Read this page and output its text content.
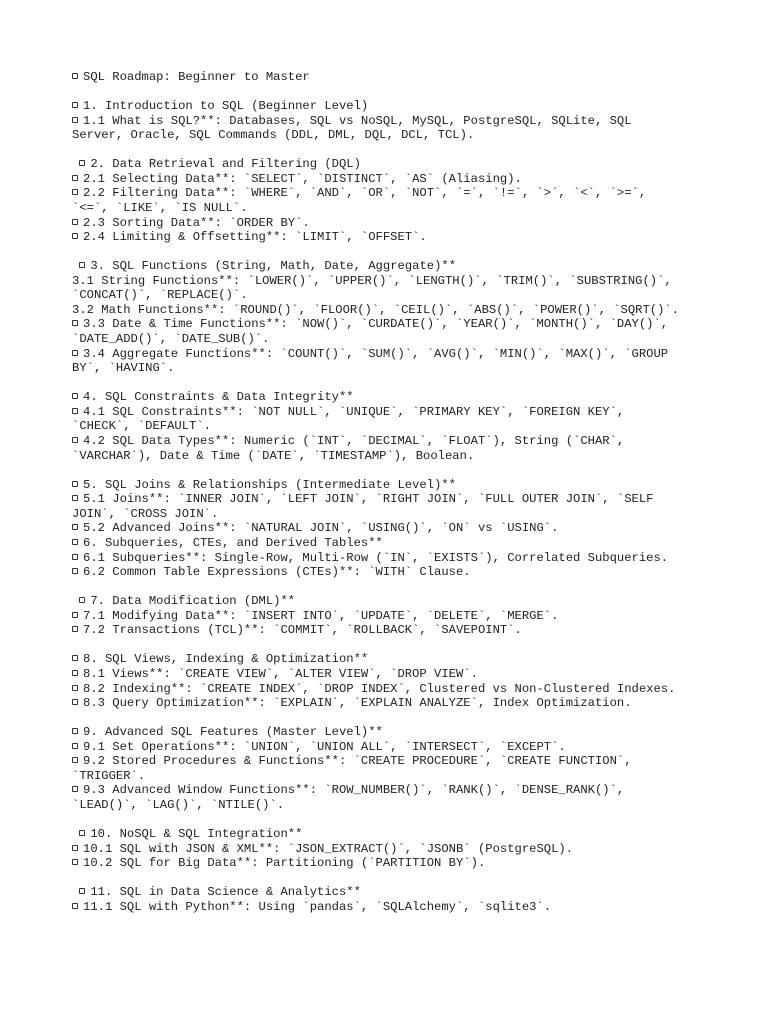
SQL Roadmap: Beginner to Master
1. Introduction to SQL (Beginner Level)
1.1 What is SQL?**: Databases, SQL vs NoSQL, MySQL, PostgreSQL, SQLite, SQL
Server, Oracle, SQL Commands (DDL, DML, DQL, DCL, TCL).
2. Data Retrieval and Filtering (DQL)
2.1 Selecting Data**: `SELECT`, `DISTINCT`, `AS` (Aliasing).
2.2 Filtering Data**: `WHERE`, `AND`, `OR`, `NOT`, `=`, `!=`, `>`, `<`, `>=`,
`<=`, `LIKE`, `IS NULL`.
2.3 Sorting Data**: `ORDER BY`.
2.4 Limiting & Offsetting**: `LIMIT`, `OFFSET`.
3. SQL Functions (String, Math, Date, Aggregate)**
3.1 String Functions**: `LOWER()`, `UPPER()`, `LENGTH()`, `TRIM()`, `SUBSTRING()`,
`CONCAT()`, `REPLACE()`.
3.2 Math Functions**: `ROUND()`, `FLOOR()`, `CEIL()`, `ABS()`, `POWER()`, `SQRT()`.
3.3 Date & Time Functions**: `NOW()`, `CURDATE()`, `YEAR()`, `MONTH()`, `DAY()`,
`DATE_ADD()`, `DATE_SUB()`.
3.4 Aggregate Functions**: `COUNT()`, `SUM()`, `AVG()`, `MIN()`, `MAX()`, `GROUP
BY`, `HAVING`.
4. SQL Constraints & Data Integrity**
4.1 SQL Constraints**: `NOT NULL`, `UNIQUE`, `PRIMARY KEY`, `FOREIGN KEY`,
`CHECK`, `DEFAULT`.
4.2 SQL Data Types**: Numeric (`INT`, `DECIMAL`, `FLOAT`), String (`CHAR`,
`VARCHAR`), Date & Time (`DATE`, `TIMESTAMP`), Boolean.
5. SQL Joins & Relationships (Intermediate Level)**
5.1 Joins**: `INNER JOIN`, `LEFT JOIN`, `RIGHT JOIN`, `FULL OUTER JOIN`, `SELF
JOIN`, `CROSS JOIN`.
5.2 Advanced Joins**: `NATURAL JOIN`, `USING()`, `ON` vs `USING`.
6. Subqueries, CTEs, and Derived Tables**
6.1 Subqueries**: Single-Row, Multi-Row (`IN`, `EXISTS`), Correlated Subqueries.
6.2 Common Table Expressions (CTEs)**: `WITH` Clause.
7. Data Modification (DML)**
7.1 Modifying Data**: `INSERT INTO`, `UPDATE`, `DELETE`, `MERGE`.
7.2 Transactions (TCL)**: `COMMIT`, `ROLLBACK`, `SAVEPOINT`.
8. SQL Views, Indexing & Optimization**
8.1 Views**: `CREATE VIEW`, `ALTER VIEW`, `DROP VIEW`.
8.2 Indexing**: `CREATE INDEX`, `DROP INDEX`, Clustered vs Non-Clustered Indexes.
8.3 Query Optimization**: `EXPLAIN`, `EXPLAIN ANALYZE`, Index Optimization.
9. Advanced SQL Features (Master Level)**
9.1 Set Operations**: `UNION`, `UNION ALL`, `INTERSECT`, `EXCEPT`.
9.2 Stored Procedures & Functions**: `CREATE PROCEDURE`, `CREATE FUNCTION`,
`TRIGGER`.
9.3 Advanced Window Functions**: `ROW_NUMBER()`, `RANK()`, `DENSE_RANK()`,
`LEAD()`, `LAG()`, `NTILE()`.
10. NoSQL & SQL Integration**
10.1 SQL with JSON & XML**: `JSON_EXTRACT()`, `JSONB` (PostgreSQL).
10.2 SQL for Big Data**: Partitioning (`PARTITION BY`).
11. SQL in Data Science & Analytics**
11.1 SQL with Python**: Using `pandas`, `SQLAlchemy`, `sqlite3`.
